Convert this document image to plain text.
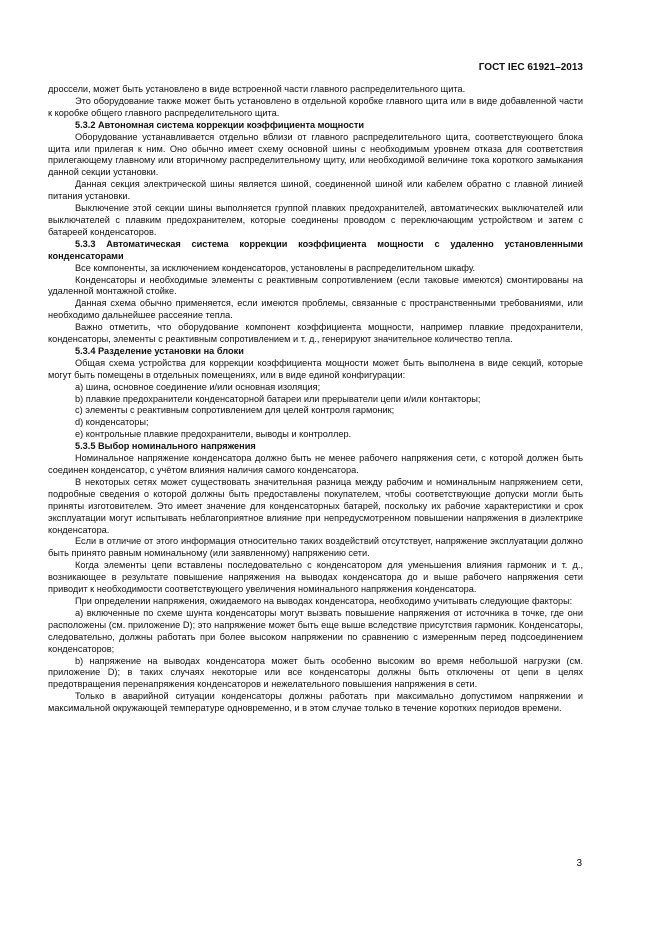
ГОСТ IEC 61921–2013

дроссели, может быть установлено в виде встроенной части главного распределительного щита.

Это оборудование также может быть установлено в отдельной коробке главного щита или в виде добавленной части к коробке общего главного распределительного щита.

5.3.2 Автономная система коррекции коэффициента мощности

Оборудование устанавливается отдельно вблизи от главного распределительного щита, соответствующего блока щита или прилегая к ним. Оно обычно имеет схему основной шины с необходимым уровнем отказа для соответствия прилегающему главному или вторичному распределительному щиту, или необходимой величине тока короткого замыкания данной секции установки.

Данная секция электрической шины является шиной, соединенной шиной или кабелем обратно с главной линией питания установки.

Выключение этой секции шины выполняется группой плавких предохранителей, автоматических выключателей или выключателей с плавким предохранителем, которые соединены проводом с переключающим устройством и затем с батареей конденсаторов.

5.3.3 Автоматическая система коррекции коэффициента мощности с удаленно установленными конденсаторами

Все компоненты, за исключением конденсаторов, установлены в распределительном шкафу.

Конденсаторы и необходимые элементы с реактивным сопротивлением (если таковые имеются) смонтированы на удаленной монтажной стойке.

Данная схема обычно применяется, если имеются проблемы, связанные с пространственными требованиями, или необходимо дальнейшее рассеяние тепла.

Важно отметить, что оборудование компонент коэффициента мощности, например плавкие предохранители, конденсаторы, элементы с реактивным сопротивлением и т. д., генерируют значительное количество тепла.

5.3.4 Разделение установки на блоки

Общая схема устройства для коррекции коэффициента мощности может быть выполнена в виде секций, которые могут быть помещены в отдельных помещениях, или в виде единой конфигурации:

a) шина, основное соединение и/или основная изоляция;

b) плавкие предохранители конденсаторной батареи или прерыватели цепи и/или контакторы;

c) элементы с реактивным сопротивлением для целей контроля гармоник;

d) конденсаторы;

e) контрольные плавкие предохранители, выводы и контроллер.

5.3.5 Выбор номинального напряжения

Номинальное напряжение конденсатора должно быть не менее рабочего напряжения сети, с которой должен быть соединен конденсатор, с учётом влияния наличия самого конденсатора.

В некоторых сетях может существовать значительная разница между рабочим и номинальным напряжением сети, подробные сведения о которой должны быть предоставлены покупателем, чтобы соответствующие допуски могли быть приняты изготовителем. Это имеет значение для конденсаторных батарей, поскольку их рабочие характеристики и срок эксплуатации могут испытывать неблагоприятное влияние при непредусмотренном повышении напряжения в диэлектрике конденсатора.

Если в отличие от этого информация относительно таких воздействий отсутствует, напряжение эксплуатации должно быть принято равным номинальному (или заявленному) напряжению сети.

Когда элементы цепи вставлены последовательно с конденсатором для уменьшения влияния гармоник и т. д., возникающее в результате повышение напряжения на выводах конденсатора до и выше рабочего напряжения сети приводит к необходимости соответствующего увеличения номинального напряжения конденсатора.

При определении напряжения, ожидаемого на выводах конденсатора, необходимо учитывать следующие факторы:

a) включенные по схеме шунта конденсаторы могут вызвать повышение напряжения от источника в точке, где они расположены (см. приложение D); это напряжение может быть еще выше вследствие присутствия гармоник. Конденсаторы, следовательно, должны работать при более высоком напряжении по сравнению с измеренным перед подсоединением конденсаторов;

b) напряжение на выводах конденсатора может быть особенно высоким во время небольшой нагрузки (см. приложение D); в таких случаях некоторые или все конденсаторы должны быть отключены от цепи в целях предотвращения перенапряжения конденсаторов и нежелательного повышения напряжения в сети.

Только в аварийной ситуации конденсаторы должны работать при максимально допустимом напряжении и максимальной окружающей температуре одновременно, и в этом случае только в течение коротких периодов времени.

3
